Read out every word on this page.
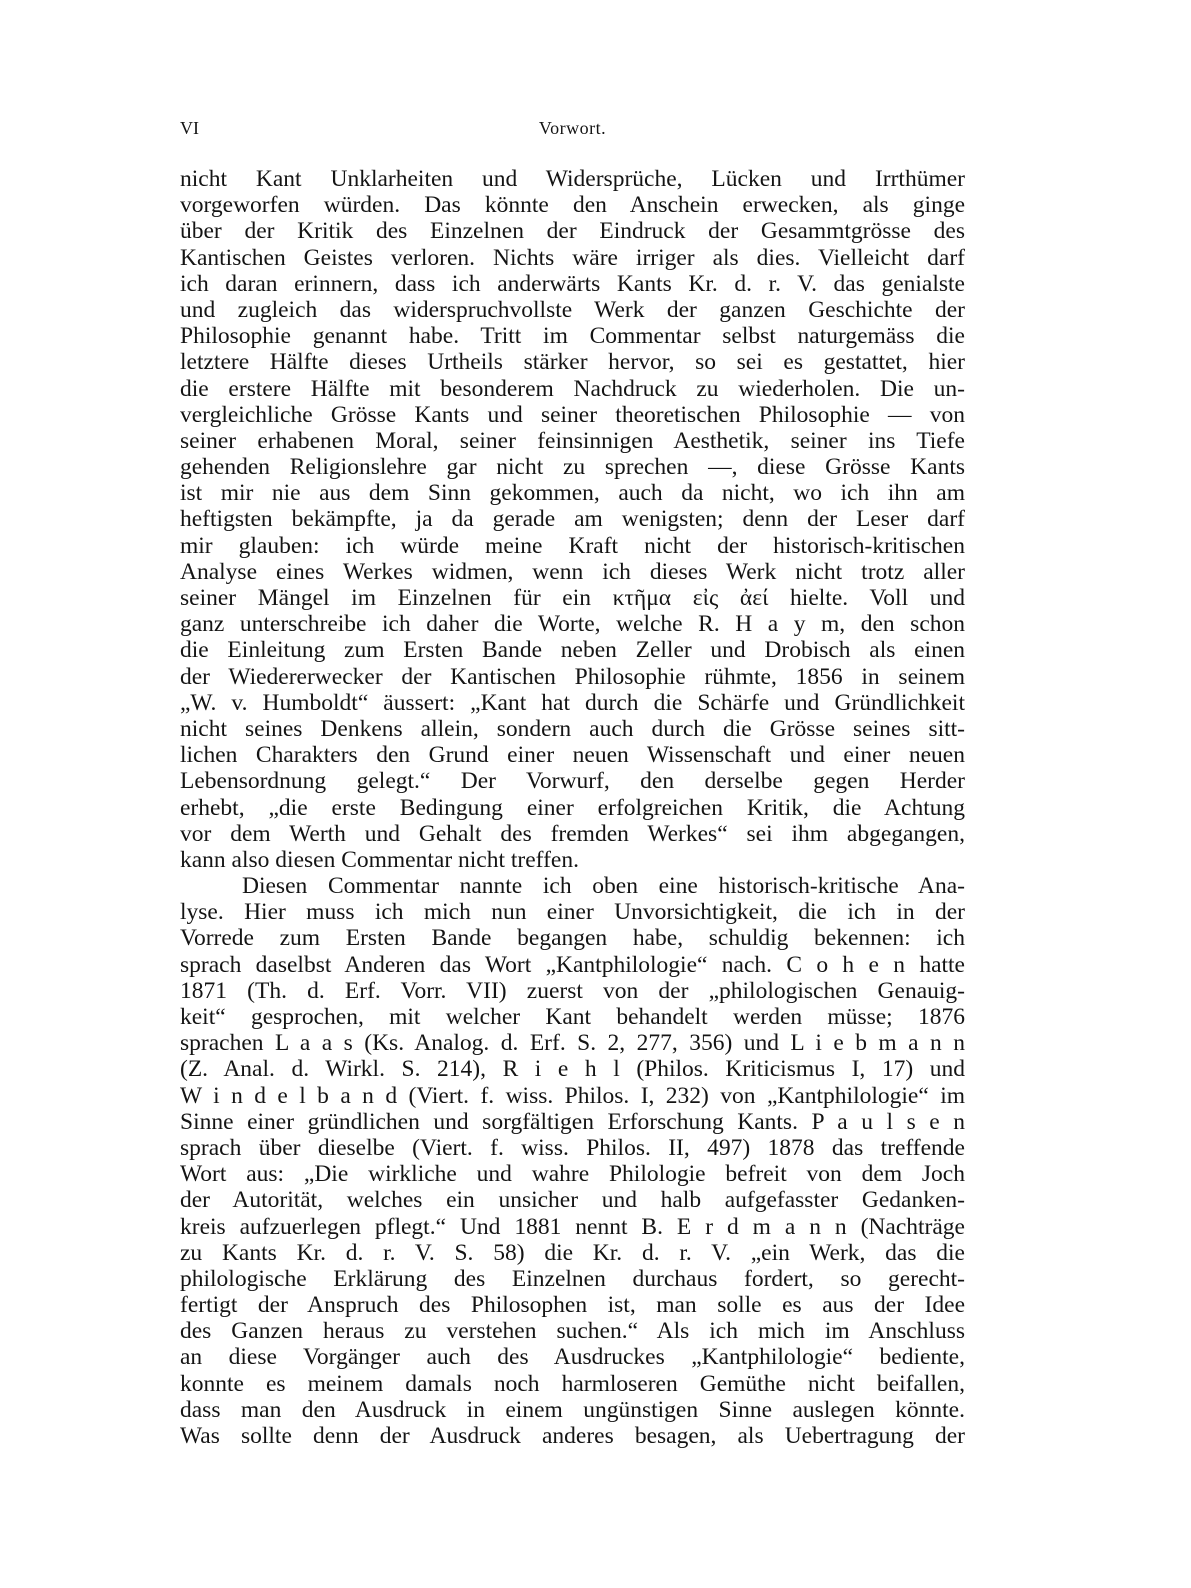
VI	Vorwort.
nicht Kant Unklarheiten und Widersprüche, Lücken und Irrthümer
vorgeworfen würden. Das könnte den Anschein erwecken, als ginge
über der Kritik des Einzelnen der Eindruck der Gesammtgrösse des
Kantischen Geistes verloren. Nichts wäre irriger als dies. Vielleicht darf
ich daran erinnern, dass ich anderwärts Kants Kr. d. r. V. das genialste
und zugleich das widerspruchvollste Werk der ganzen Geschichte der
Philosophie genannt habe. Tritt im Commentar selbst naturgemäss die
letztere Hälfte dieses Urtheils stärker hervor, so sei es gestattet, hier
die erstere Hälfte mit besonderem Nachdruck zu wiederholen. Die un-
vergleichliche Grösse Kants und seiner theoretischen Philosophie — von
seiner erhabenen Moral, seiner feinsinnigen Aesthetik, seiner ins Tiefe
gehenden Religionslehre gar nicht zu sprechen —, diese Grösse Kants
ist mir nie aus dem Sinn gekommen, auch da nicht, wo ich ihn am
heftigsten bekämpfte, ja da gerade am wenigsten; denn der Leser darf
mir glauben: ich würde meine Kraft nicht der historisch-kritischen
Analyse eines Werkes widmen, wenn ich dieses Werk nicht trotz aller
seiner Mängel im Einzelnen für ein κτῆμα εἰς ἀεί hielte. Voll und
ganz unterschreibe ich daher die Worte, welche R. H a y m, den schon
die Einleitung zum Ersten Bande neben Zeller und Drobisch als einen
der Wiedererwecker der Kantischen Philosophie rühmte, 1856 in seinem
„W. v. Humboldt“ äussert: „Kant hat durch die Schärfe und Gründlichkeit
nicht seines Denkens allein, sondern auch durch die Grösse seines sitt-
lichen Charakters den Grund einer neuen Wissenschaft und einer neuen
Lebensordnung gelegt.“ Der Vorwurf, den derselbe gegen Herder
erhebt, „die erste Bedingung einer erfolgreichen Kritik, die Achtung
vor dem Werth und Gehalt des fremden Werkes“ sei ihm abgegangen,
kann also diesen Commentar nicht treffen.
Diesen Commentar nannte ich oben eine historisch-kritische Ana-
lyse. Hier muss ich mich nun einer Unvorsichtigkeit, die ich in der
Vorrede zum Ersten Bande begangen habe, schuldig bekennen: ich
sprach daselbst Anderen das Wort „Kantphilologie“ nach. C o h e n hatte
1871 (Th. d. Erf. Vorr. VII) zuerst von der „philologischen Genauig-
keit“ gesprochen, mit welcher Kant behandelt werden müsse; 1876
sprachen L a a s (Ks. Analog. d. Erf. S. 2, 277, 356) und L i e b m a n n
(Z. Anal. d. Wirkl. S. 214), R i e h l (Philos. Kriticismus I, 17) und
W i n d e l b a n d (Viert. f. wiss. Philos. I, 232) von „Kantphilologie“ im
Sinne einer gründlichen und sorgfältigen Erforschung Kants. P a u l s e n
sprach über dieselbe (Viert. f. wiss. Philos. II, 497) 1878 das treffende
Wort aus: „Die wirkliche und wahre Philologie befreit von dem Joch
der Autorität, welches ein unsicher und halb aufgefasster Gedanken-
kreis aufzuerlegen pflegt.“ Und 1881 nennt B. E r d m a n n (Nachträge
zu Kants Kr. d. r. V. S. 58) die Kr. d. r. V. „ein Werk, das die
philologische Erklärung des Einzelnen durchaus fordert, so gerecht-
fertigt der Anspruch des Philosophen ist, man solle es aus der Idee
des Ganzen heraus zu verstehen suchen.“ Als ich mich im Anschluss
an diese Vorgänger auch des Ausdruckes „Kantphilologie“ bediente,
konnte es meinem damals noch harmloseren Gemüthe nicht beifallen,
dass man den Ausdruck in einem ungünstigen Sinne auslegen könnte.
Was sollte denn der Ausdruck anderes besagen, als Uebertragung der
